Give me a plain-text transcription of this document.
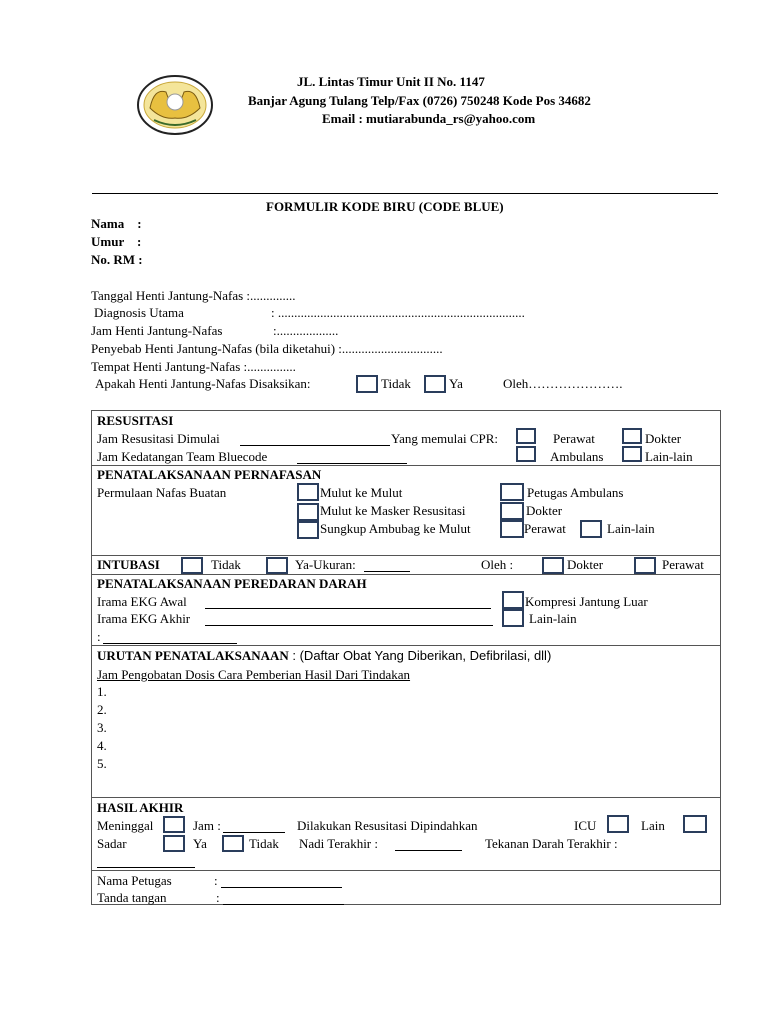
JL. Lintas Timur Unit II No. 1147
Banjar Agung Tulang Telp/Fax (0726) 750248 Kode Pos 34682
Email : mutiarabunda_rs@yahoo.com
FORMULIR KODE BIRU (CODE BLUE)
Nama    :
Umur    :
No. RM :
Tanggal Henti Jantung-Nafas :..............
Diagnosis Utama	: ............................................................................
Jam Henti Jantung-Nafas	:...................
Penyebab Henti Jantung-Nafas (bila diketahui) :...............................
Tempat Henti Jantung-Nafas :...............
Apakah Henti Jantung-Nafas Disaksikan:	Tidak	Ya	Oleh………………….
RESUSITASI
Jam Resusitasi Dimulai	Yang memulai CPR:	Perawat	Dokter
Jam Kedatangan Team Bluecode	Ambulans	Lain-lain
PENATALAKSANAAN PERNAFASAN
Permulaan Nafas Buatan	Mulut ke Mulut	Petugas Ambulans
Mulut ke Masker Resusitasi	Dokter
Sungkup Ambubag ke Mulut	Perawat	Lain-lain
INTUBASI	Tidak	Ya-Ukuran:	Oleh :	Dokter	Perawat
PENATALAKSANAAN PEREDARAN DARAH
Irama EKG Awal	Kompresi Jantung Luar
Irama EKG Akhir	Lain-lain
:
URUTAN PENATALAKSANAAN : (Daftar Obat Yang Diberikan, Defibrilasi, dll)
Jam Pengobatan Dosis Cara Pemberian Hasil Dari Tindakan
1.
2.
3.
4.
5.
HASIL AKHIR
Meninggal	Jam :	Dilakukan Resusitasi Dipindahkan	ICU	Lain
Sadar	Ya	Tidak Nadi Terakhir :	Tekanan Darah Terakhir :
Nama Petugas	:
Tanda tangan	:
